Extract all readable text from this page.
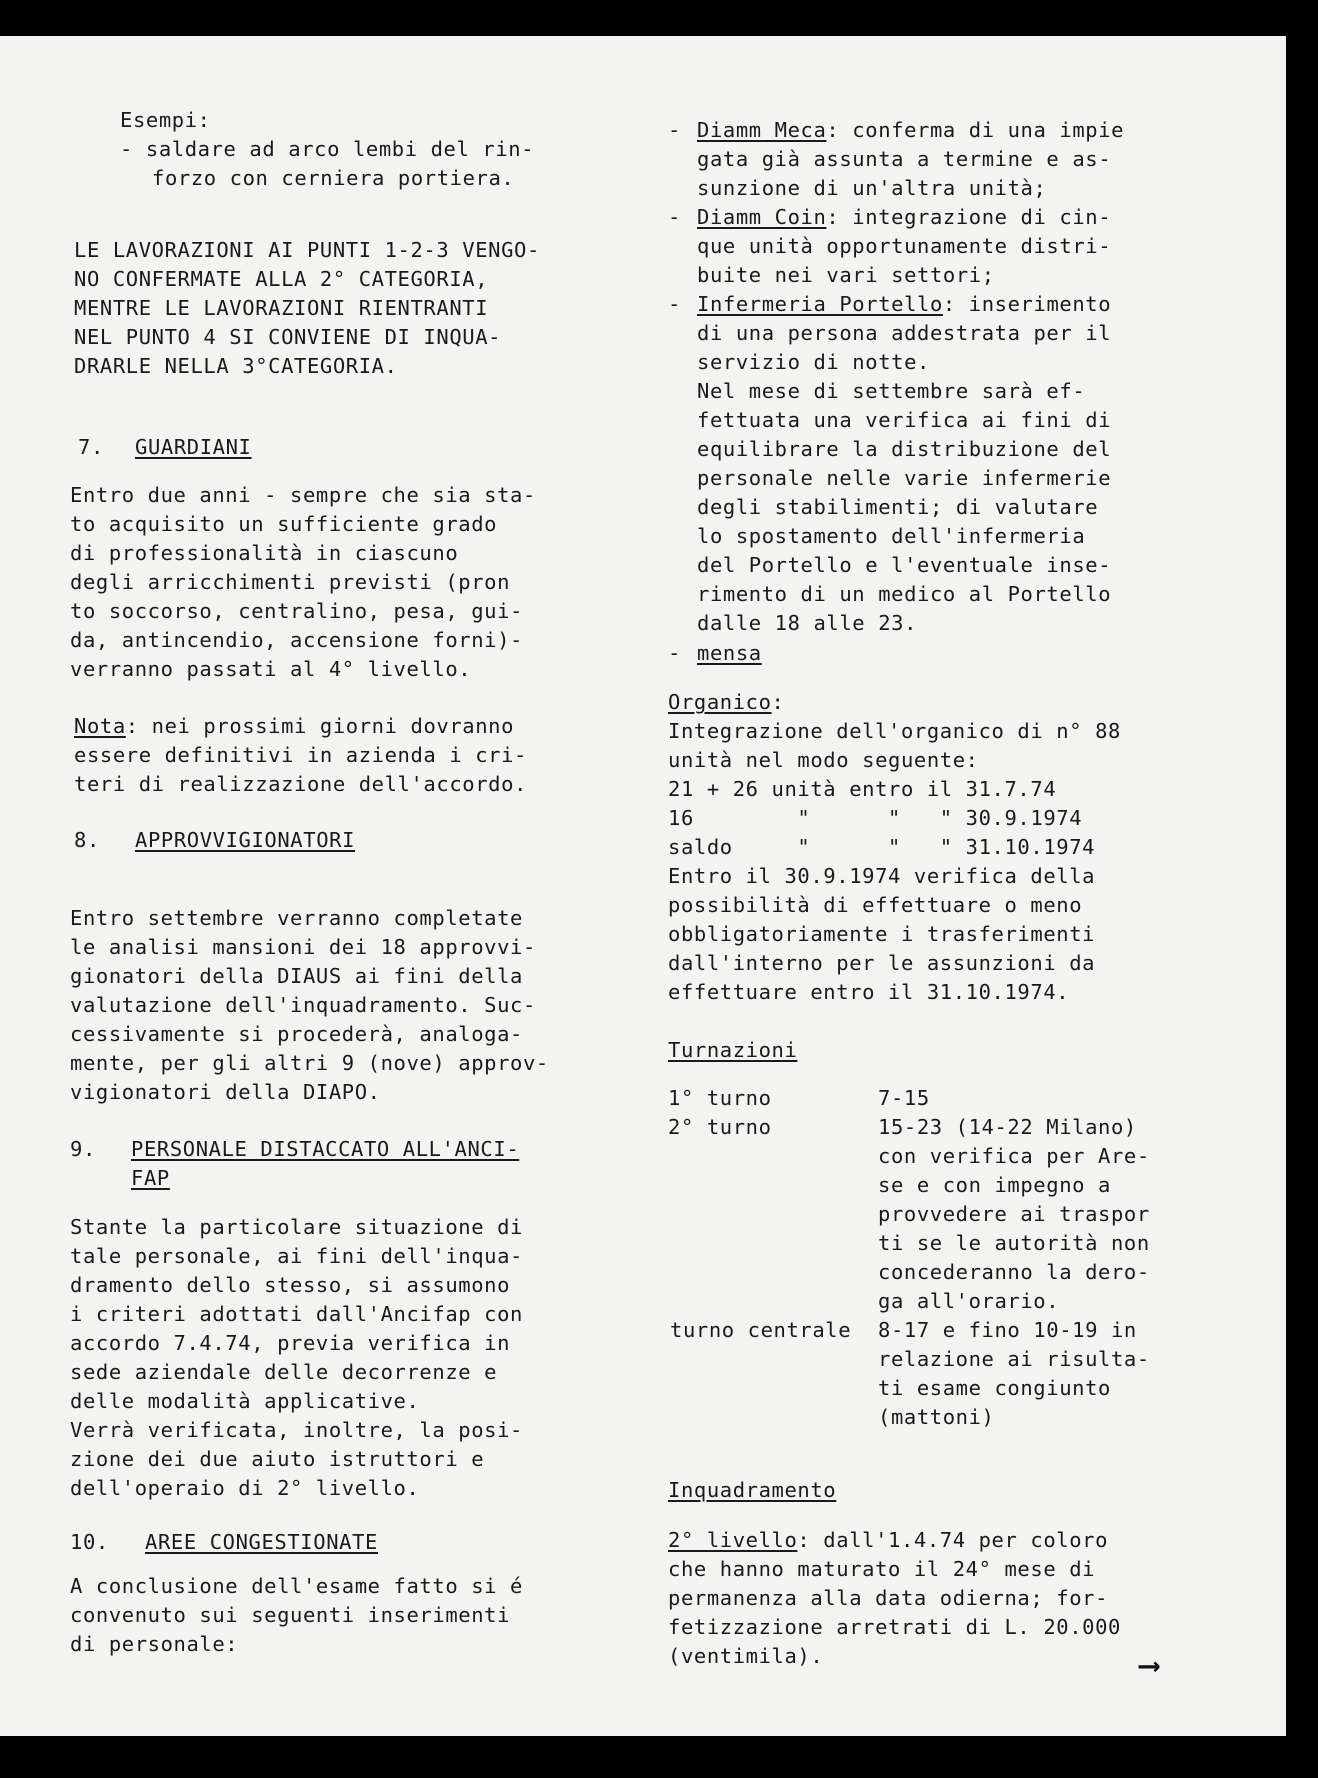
Esempi:
- saldare ad arco lembi del rin-
forzo con cerniera portiera.
LE LAVORAZIONI AI PUNTI 1-2-3 VENGO-
NO CONFERMATE ALLA 2° CATEGORIA,
MENTRE LE LAVORAZIONI RIENTRANTI
NEL PUNTO 4 SI CONVIENE DI INQUA-
DRARLE NELLA 3°CATEGORIA.
7. GUARDIANI
Entro due anni - sempre che sia sta-
to acquisito un sufficiente grado
di professionalità in ciascuno
degli arricchimenti previsti (pron
to soccorso, centralino, pesa, gui-
da, antincendio, accensione forni)-
verranno passati al 4° livello.
Nota: nei prossimi giorni dovranno
essere definitivi in azienda i cri-
teri di realizzazione dell'accordo.
8. APPROVVIGIONATORI
Entro settembre verranno completate
le analisi mansioni dei 18 approvvi-
gionatori della DIAUS ai fini della
valutazione dell'inquadramento. Suc-
cessivamente si procederà, analoga-
mente, per gli altri 9 (nove) approv-
vigionatori della DIAPO.
9. PERSONALE DISTACCATO ALL'ANCI-
FAP
Stante la particolare situazione di
tale personale, ai fini dell'inqua-
dramento dello stesso, si assumono
i criteri adottati dall'Ancifap con
accordo 7.4.74, previa verifica in
sede aziendale delle decorrenze e
delle modalità applicative.
Verrà verificata, inoltre, la posi-
zione dei due aiuto istruttori e
dell'operaio di 2° livello.
10. AREE CONGESTIONATE
A conclusione dell'esame fatto si é
convenuto sui seguenti inserimenti
di personale:
- Diamm Meca: conferma di una impie
gata già assunta a termine e as-
sunzione di un'altra unità;
- Diamm Coin: integrazione di cin-
que unità opportunamente distri-
buite nei vari settori;
- Infermeria Portello: inserimento
di una persona addestrata per il
servizio di notte.
Nel mese di settembre sarà ef-
fettuata una verifica ai fini di
equilibrare la distribuzione del
personale nelle varie infermerie
degli stabilimenti; di valutare
lo spostamento dell'infermeria
del Portello e l'eventuale inse-
rimento di un medico al Portello
dalle 18 alle 23.
- mensa
Organico:
Integrazione dell'organico di n° 88
unità nel modo seguente:
21 + 26 unità entro il 31.7.74
16        "      "   " 30.9.1974
saldo     "      "   " 31.10.1974
Entro il 30.9.1974 verifica della
possibilità di effettuare o meno
obbligatoriamente i trasferimenti
dall'interno per le assunzioni da
effettuare entro il 31.10.1974.
Turnazioni
1° turno	7-15
2° turno	15-23 (14-22 Milano)
con verifica per Are-
se e con impegno a
provvedere ai traspor
ti se le autorità non
concederanno la dero-
ga all'orario.
turno centrale 8-17 e fino 10-19 in
relazione ai risulta-
ti esame congiunto
(mattoni)
Inquadramento
2° livello: dall'1.4.74 per coloro
che hanno maturato il 24° mese di
permanenza alla data odierna; for-
fetizzazione arretrati di L. 20.000
(ventimila).	⟶
